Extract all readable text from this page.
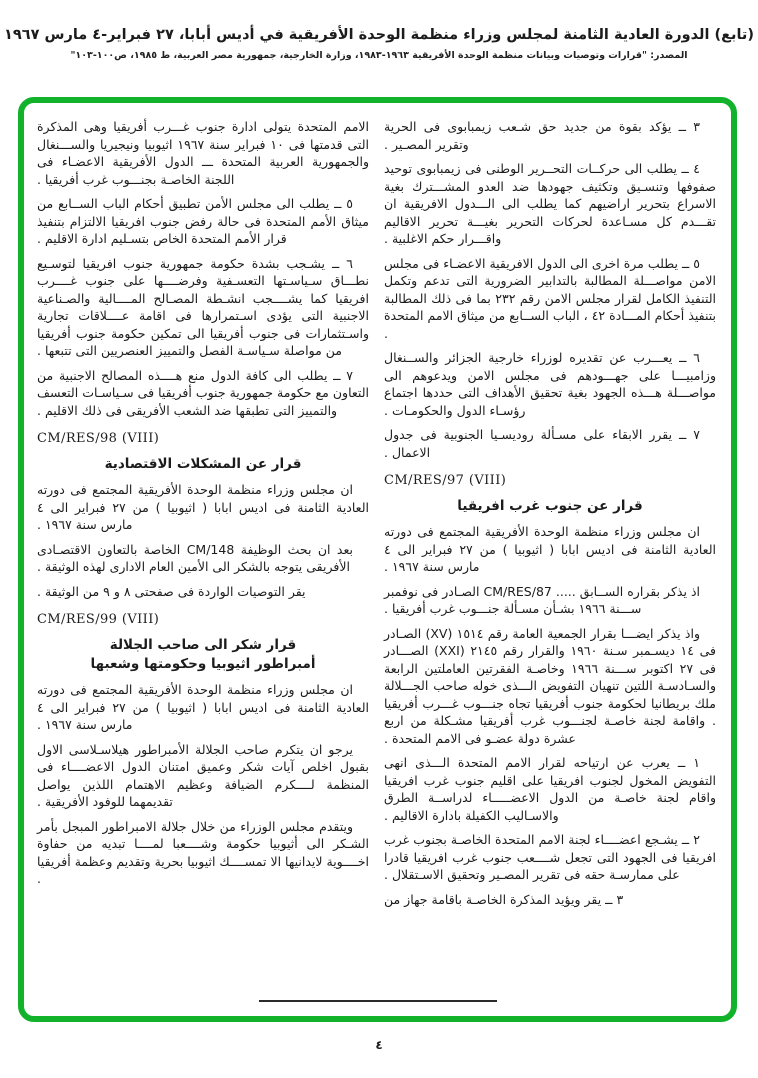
(تابع) الدورة العادية الثامنة لمجلس وزراء منظمة الوحدة الأفريقية في أديس أبابا، ٢٧ فبراير-٤ مارس ١٩٦٧
المصدر: "قرارات وتوصيات وبيانات منظمة الوحدة الأفريقية ١٩٦٣-١٩٨٣، وزارة الخارجية، جمهورية مصر العربية، ط ١٩٨٥، ص١٠٠-١٠٣"

٣ ــ يؤكد بقوة من جديد حق شـعب زيمبابوى فى الحرية وتقرير المصـير .

٤ ــ يطلب الى حركــات التحــرير الوطنى فى زيمبابوى توحيد صفوفها وتنسـيق وتكثيف جهودها ضد العدو المشـــترك بغية الاسراع بتحرير اراضيهم كما يطلب الى الـــدول الافريقية ان تقـــدم كل مسـاعدة لحركات التحرير بغيـــة تحرير الاقاليم واقـــرار حكم الاغلبية .

٥ ــ يطلب مرة اخرى الى الدول الافريقية الاعضـاء فى مجلس الامن مواصـــلة المطالبة بالتدابير الضرورية التى تدعم وتكمل التنفيذ الكامل لقرار مجلس الامن رقم ٢٣٢ بما فى ذلك المطالبة بتنفيذ أحكام المـــادة ٤٢ ، الباب الســابع من ميثاق الامم المتحدة .

٦ ــ يعـــرب عن تقديره لوزراء خارجية الجزائر والســنغال وزامبيـــا على جهـــودهم فى مجلس الامن ويدعوهم الى مواصـــلة هـــذه الجهود بغية تحقيق الأهداف التى حددها اجتماع رؤسـاء الدول والحكومـات .

٧ ــ يقرر الابقاء على مسـألة روديسـيا الجنوبية فى جدول الاعمال .

CM/RES/97 (VIII)
قرار عن جنوب غرب افريقيا

ان مجلس وزراء منظمة الوحدة الأفريقية المجتمع فى دورته العادية الثامنة فى اديس ابابا ( اثيوبيا ) من ٢٧ فبراير الى ٤ مارس سنة ١٩٦٧ .

اذ يذكر بقراره الســابق ..... CM/RES/87 الصـادر فى نوفمبر ســـنة ١٩٦٦ بشـأن مسـألة جنـــوب غرب أفريقيا .

واذ يذكر ايضـــا بقرار الجمعية العامة رقم ١٥١٤ (XV) الصـادر فى ١٤ ديسـمبر سـنة ١٩٦٠ والقرار رقم ٢١٤٥ (XXI) الصـــادر فى ٢٧ اكتوبر ســـنة ١٩٦٦ وخاصـة الفقرتين العاملتين الرابعة والسـادسـة اللتين تنهيان التفويض الـــذى خوله صاحب الجـــلالة ملك بريطانيا لحكومة جنوب أفريقيا تجاه جنـــوب غـــرب أفريقيا . واقامة لجنة خاصـة لجنـــوب غرب أفريقيا مشـكلة من اربع عشرة دولة عضـو فى الامم المتحدة .

١ ــ يعرب عن ارتياحه لقرار الامم المتحدة الـــذى انهى التفويض المخول لجنوب افريقيا على اقليم جنوب غرب افريقيا واقام لجنة خاصـة من الدول الاعضـــــاء لدراســة الطرق والاسـاليب الكفيلة بادارة الاقاليم .

٢ ــ يشـجع اعضــــاء لجنة الامم المتحدة الخاصـة بجنوب غرب افريقيا فى الجهود التى تجعل شــــعب جنوب غرب افريقيا قادرا على ممارسـة حقه فى تقرير المصـير وتحقيق الاسـتقلال .

٣ ــ يقر ويؤيد المذكرة الخاصـة باقامة جهاز من

الامم المتحدة يتولى ادارة جنوب غـــرب أفريقيا وهى المذكرة التى قدمتها فى ١٠ فبراير سنة ١٩٦٧ اثيوبيا ونيجيريا والســـنغال والجمهورية العربية المتحدة ـــ الدول الأفريقية الاعضـاء فى اللجنة الخاصـة بجنـــوب غرب أفريقيا .

٥ ــ يطلب الى مجلس الأمن تطبيق أحكام الباب الســابع من ميثاق الأمم المتحدة فى حالة رفض جنوب افريقيا الالتزام بتنفيذ قرار الأمم المتحدة الخاص بتسـليم ادارة الاقليم .

٦ ــ يشـجب بشدة حكومة جمهورية جنوب افريقيا لتوسـيع نطـــاق سـياسـتها التعسـفية وفرضــــها على جنوب غــــرب افريقيا كما يشــــجب انشـطة المصـالح المــــالية والصـناعية الاجنبية التى يؤدى اسـتمرارها فى اقامة عــــلاقات تجارية واسـتثمارات فى جنوب أفريقيا الى تمكين حكومة جنوب أفريقيا من مواصلة سـياسـة الفصل والتمييز العنصريين التى تتبعها .

٧ ــ يطلب الى كافة الدول منع هــــذه المصالح الاجنبية من التعاون مع حكومة جمهورية جنوب أفريقيا فى سـياسـات التعسف والتمييز التى تطبقها ضد الشعب الأفريقى فى ذلك الاقليم .

CM/RES/98 (VIII)
قرار عن المشكلات الاقتصادية

ان مجلس وزراء منظمة الوحدة الأفريقية المجتمع فى دورته العادية الثامنة فى اديس ابابا ( اثيوبيا ) من ٢٧ فبراير الى ٤ مارس سنة ١٩٦٧ .

بعد ان بحث الوظيفة CM/148 الخاصة بالتعاون الاقتصـادى الأفريقى يتوجه بالشكر الى الأمين العام الادارى لهذه الوثيقة .

يقر التوصيات الواردة فى صفحتى ٨ و ٩ من الوثيقة .

CM/RES/99 (VIII)
قرار شكر الى صاحب الجلالة
أمبراطور اثيوبيا وحكومتها وشعبها

ان مجلس وزراء منظمة الوحدة الأفريقية المجتمع فى دورته العادية الثامنة فى اديس ابابا ( اثيوبيا ) من ٢٧ فبراير الى ٤ مارس سنة ١٩٦٧ .

يرجو ان يتكرم صاحب الجلالة الأمبراطور هيلاسـلاسى الاول بقبول اخلص آيات شكر وعميق امتنان الدول الاعضــــاء فى المنظمة لــــكرم الضيافة وعظيم الاهتمام اللذين يواصل تقديمهما للوفود الأفريقية .

ويتقدم مجلس الوزراء من خلال جلالة الامبراطور المبجل بأمر الشـكر الى أثيوبيا حكومة وشــــعبا لمــــا تبديه من حفاوة اخــــوية لايدانيها الا تمســــك اثيوبيا بحرية وتقديم وعظمة أفريقيا .

٤
